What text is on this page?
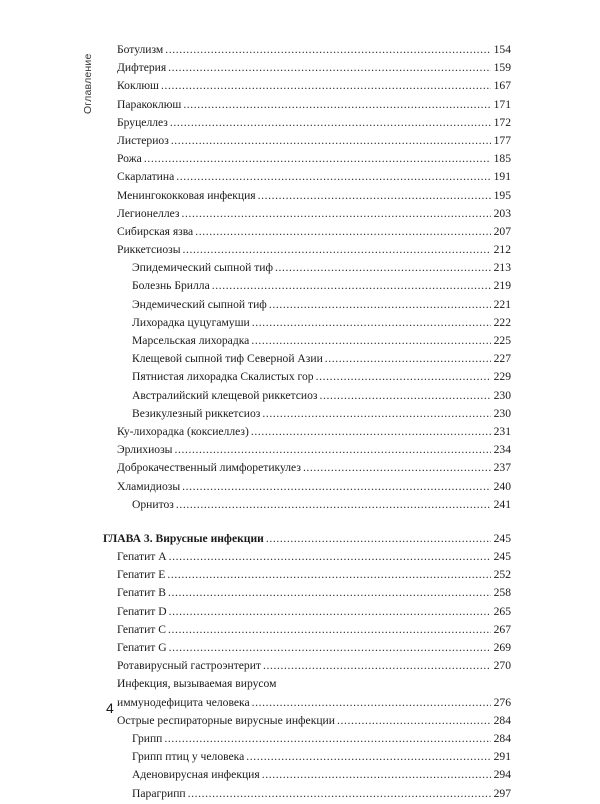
Оглавление
Ботулизм .....	154
Дифтерия .....	159
Коклюш .....	167
Паракоклюш .....	171
Бруцеллез .....	172
Листериоз .....	177
Рожа .....	185
Скарлатина .....	191
Менингококковая инфекция .....	195
Легионеллез .....	203
Сибирская язва .....	207
Риккетсиозы .....	212
Эпидемический сыпной тиф .....	213
Болезнь Брилла .....	219
Эндемический сыпной тиф .....	221
Лихорадка цуцугамуши .....	222
Марсельская лихорадка .....	225
Клещевой сыпной тиф Северной Азии .....	227
Пятнистая лихорадка Скалистых гор .....	229
Австралийский клещевой риккетсиоз .....	230
Везикулезный риккетсиоз .....	230
Ку-лихорадка (коксиеллез) .....	231
Эрлихиозы .....	234
Доброкачественный лимфоретикулез .....	237
Хламидиозы .....	240
Орнитоз .....	241
ГЛАВА 3. Вирусные инфекции .....	245
Гепатит А .....	245
Гепатит Е .....	252
Гепатит В .....	258
Гепатит D .....	265
Гепатит С .....	267
Гепатит G .....	269
Ротавирусный гастроэнтерит .....	270
Инфекция, вызываемая вирусом
иммунодефицита человека .....	276
Острые респираторные вирусные инфекции .....	284
Грипп .....	284
Грипп птиц у человека .....	291
Аденовирусная инфекция .....	294
Парагрипп .....	297
4
